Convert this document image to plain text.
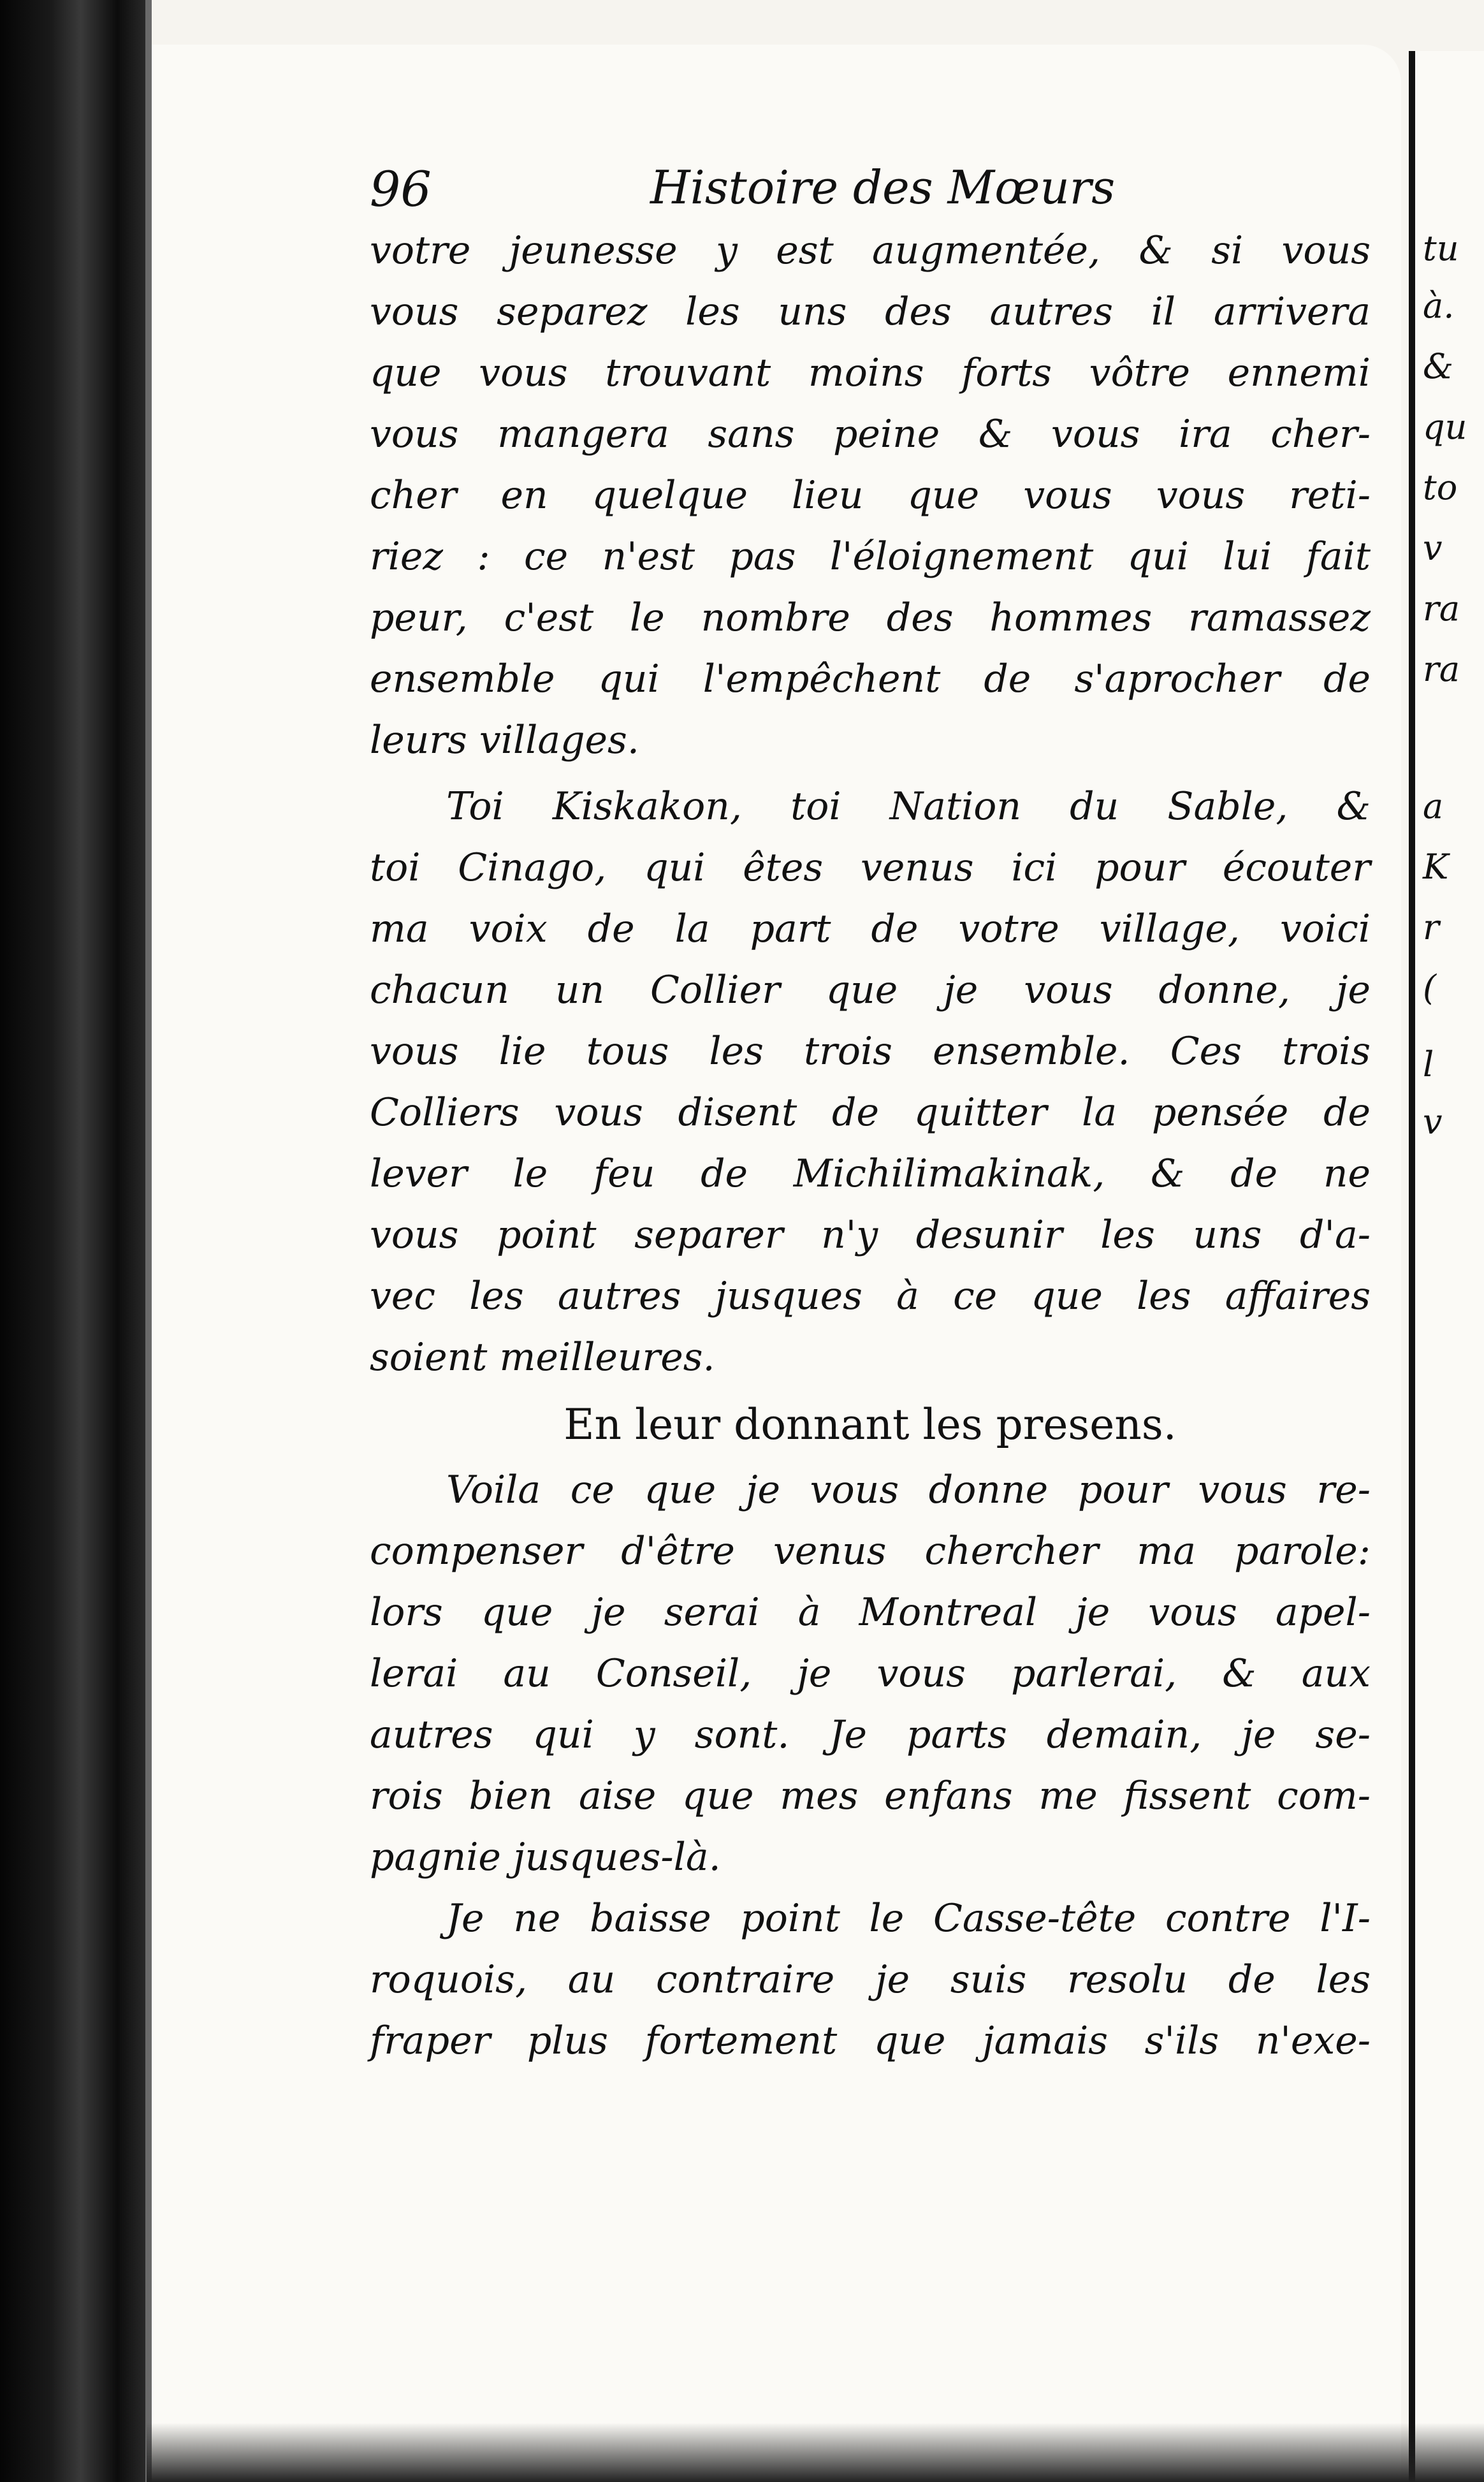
tu
à.
&
qu
to
v
ra
ra
a
K
r
(
l
v
96	Histoire des Mœurs
votre jeunesse y est augmentée, & si vous
vous separez les uns des autres il arrivera
que vous trouvant moins forts vôtre ennemi
vous mangera sans peine & vous ira cher-
cher en quelque lieu que vous vous reti-
riez : ce n'est pas l'éloignement qui lui fait
peur, c'est le nombre des hommes ramassez
ensemble qui l'empêchent de s'aprocher de
leurs villages.
Toi Kiskakon, toi Nation du Sable, &
toi Cinago, qui êtes venus ici pour écouter
ma voix de la part de votre village, voici
chacun un Collier que je vous donne, je
vous lie tous les trois ensemble. Ces trois
Colliers vous disent de quitter la pensée de
lever le feu de Michilimakinak, & de ne
vous point separer n'y desunir les uns d'a-
vec les autres jusques à ce que les affaires
soient meilleures.
En leur donnant les presens.
Voila ce que je vous donne pour vous re-
compenser d'être venus chercher ma parole:
lors que je serai à Montreal je vous apel-
lerai au Conseil, je vous parlerai, & aux
autres qui y sont. Je parts demain, je se-
rois bien aise que mes enfans me fissent com-
pagnie jusques-là.
Je ne baisse point le Casse-tête contre l'I-
roquois, au contraire je suis resolu de les
fraper plus fortement que jamais s'ils n'exe-
